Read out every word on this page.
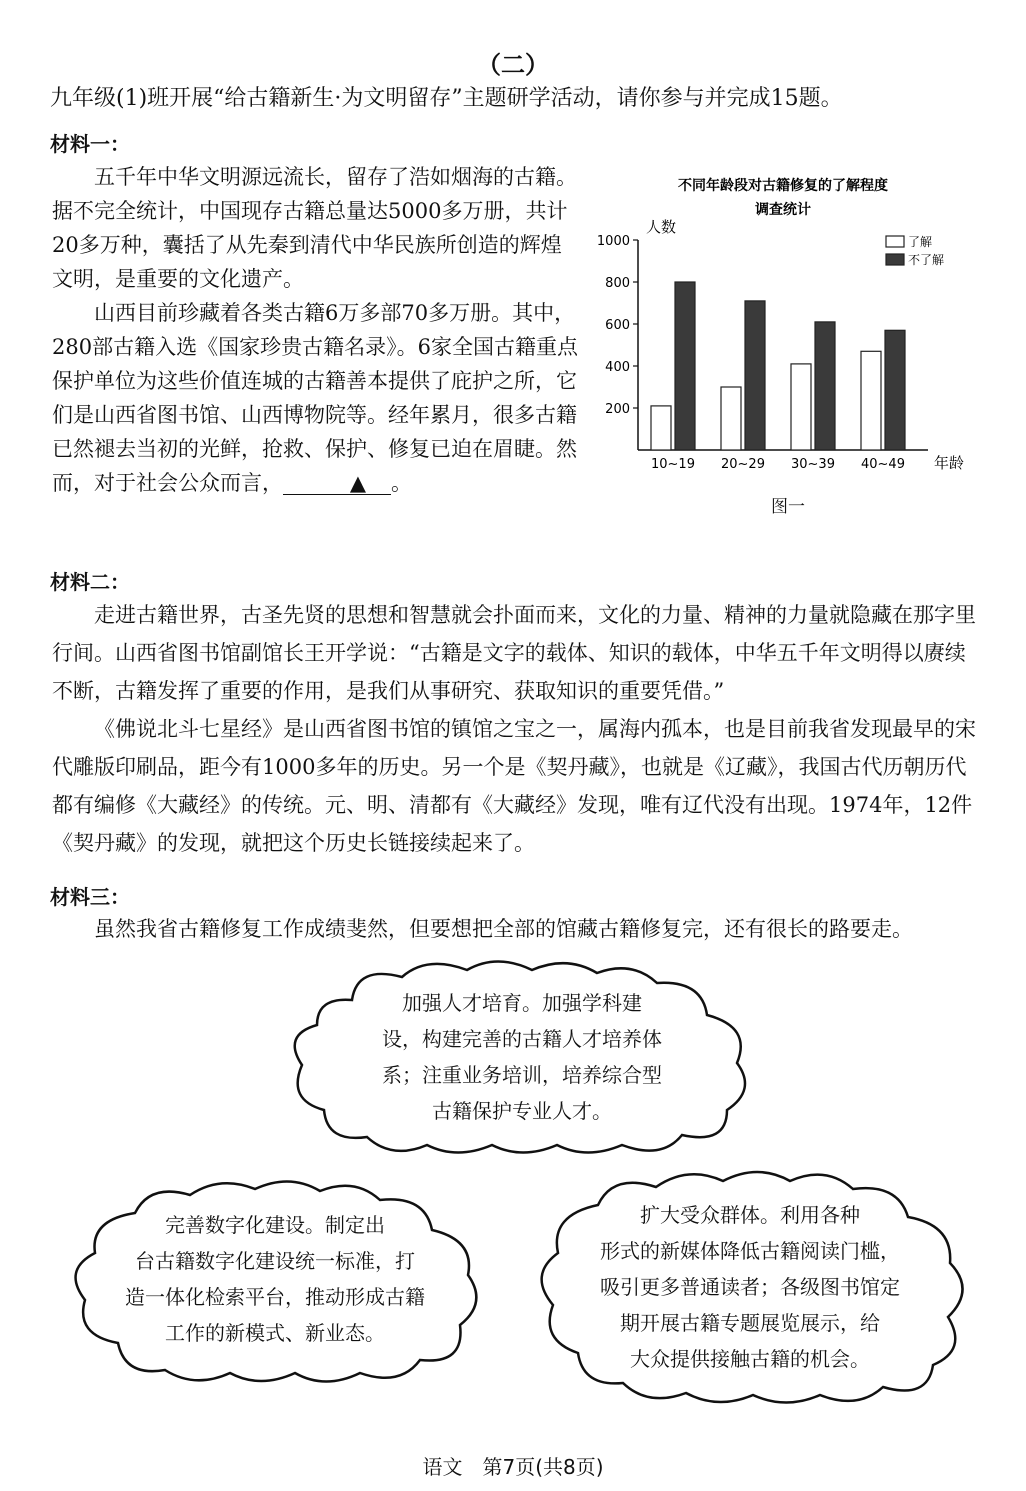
（二）
九年级(1)班开展“给古籍新生·为文明留存”主题研学活动，请你参与并完成15题。
材料一：

五千年中华文明源远流长，留存了浩如烟海的古籍。据不完全统计，中国现存古籍总量达5000多万册，共计20多万种，囊括了从先秦到清代中华民族所创造的辉煌文明，是重要的文化遗产。

山西目前珍藏着各类古籍6万多部70多万册。其中，280部古籍入选《国家珍贵古籍名录》。6家全国古籍重点保护单位为这些价值连城的古籍善本提供了庇护之所，它们是山西省图书馆、山西博物院等。经年累月，很多古籍已然褪去当初的光鲜，抢救、保护、修复已迫在眉睫。然而，对于社会公众而言，	▲ 。

不同年龄段对古籍修复的了解程度
调查统计
人数
年龄
200
400
600
800
1000
10~19 20~29 30~39 40~49
了解
不了解
图一
材料二：

走进古籍世界，古圣先贤的思想和智慧就会扑面而来，文化的力量、精神的力量就隐藏在那字里行间。山西省图书馆副馆长王开学说：“古籍是文字的载体、知识的载体，中华五千年文明得以赓续不断，古籍发挥了重要的作用，是我们从事研究、获取知识的重要凭借。”

《佛说北斗七星经》是山西省图书馆的镇馆之宝之一，属海内孤本，也是目前我省发现最早的宋代雕版印刷品，距今有1000多年的历史。另一个是《契丹藏》，也就是《辽藏》，我国古代历朝历代都有编修《大藏经》的传统。元、明、清都有《大藏经》发现，唯有辽代没有出现。1974年，12件《契丹藏》的发现，就把这个历史长链接续起来了。

材料三：

虽然我省古籍修复工作成绩斐然，但要想把全部的馆藏古籍修复完，还有很长的路要走。

加强人才培育。加强学科建
设，构建完善的古籍人才培养体
系；注重业务培训，培养综合型
古籍保护专业人才。
完善数字化建设。制定出
台古籍数字化建设统一标准，打
造一体化检索平台，推动形成古籍
工作的新模式、新业态。
扩大受众群体。利用各种
形式的新媒体降低古籍阅读门槛，
吸引更多普通读者；各级图书馆定
期开展古籍专题展览展示，给
大众提供接触古籍的机会。
语文　第7页(共8页)
